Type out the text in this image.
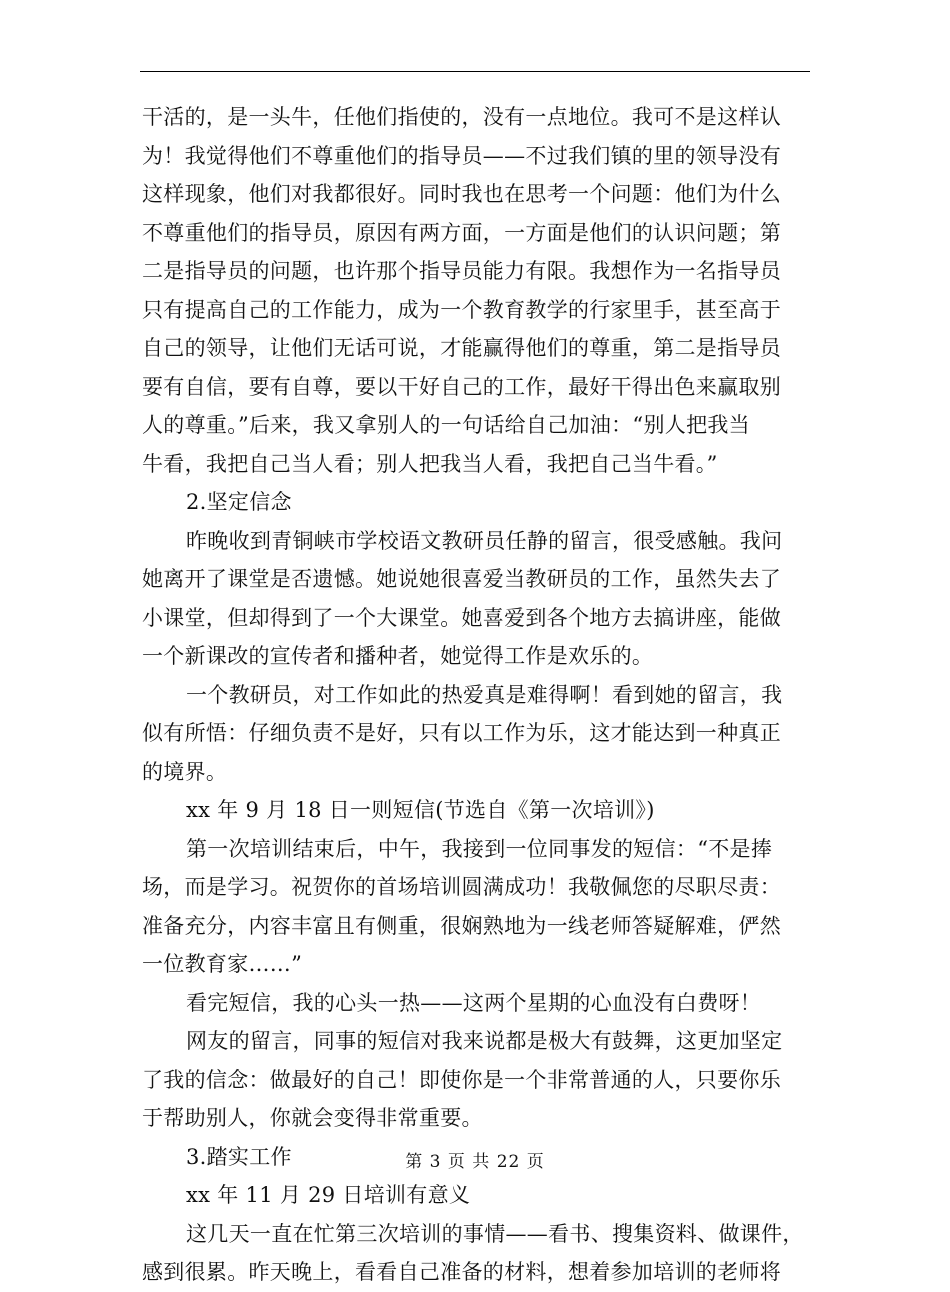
干活的，是一头牛，任他们指使的，没有一点地位。我可不是这样认
为！我觉得他们不尊重他们的指导员——不过我们镇的里的领导没有
这样现象，他们对我都很好。同时我也在思考一个问题：他们为什么
不尊重他们的指导员，原因有两方面，一方面是他们的认识问题；第
二是指导员的问题，也许那个指导员能力有限。我想作为一名指导员
只有提高自己的工作能力，成为一个教育教学的行家里手，甚至高于
自己的领导，让他们无话可说，才能赢得他们的尊重，第二是指导员
要有自信，要有自尊，要以干好自己的工作，最好干得出色来赢取别
人的尊重。”后来，我又拿别人的一句话给自己加油：“别人把我当
牛看，我把自己当人看；别人把我当人看，我把自己当牛看。”
2.坚定信念
昨晚收到青铜峡市学校语文教研员任静的留言，很受感触。我问
她离开了课堂是否遗憾。她说她很喜爱当教研员的工作，虽然失去了
小课堂，但却得到了一个大课堂。她喜爱到各个地方去搞讲座，能做
一个新课改的宣传者和播种者，她觉得工作是欢乐的。
一个教研员，对工作如此的热爱真是难得啊！看到她的留言，我
似有所悟：仔细负责不是好，只有以工作为乐，这才能达到一种真正
的境界。
xx 年 9 月 18 日一则短信(节选自《第一次培训》)
第一次培训结束后，中午，我接到一位同事发的短信：“不是捧
场，而是学习。祝贺你的首场培训圆满成功！我敬佩您的尽职尽责：
准备充分，内容丰富且有侧重，很娴熟地为一线老师答疑解难，俨然
一位教育家……”
看完短信，我的心头一热——这两个星期的心血没有白费呀！
网友的留言，同事的短信对我来说都是极大有鼓舞，这更加坚定
了我的信念：做最好的自己！即使你是一个非常普通的人，只要你乐
于帮助别人，你就会变得非常重要。
3.踏实工作
xx 年 11 月 29 日培训有意义
这几天一直在忙第三次培训的事情——看书、搜集资料、做课件，
感到很累。昨天晚上，看看自己准备的材料，想着参加培训的老师将
第 3 页 共 22 页
